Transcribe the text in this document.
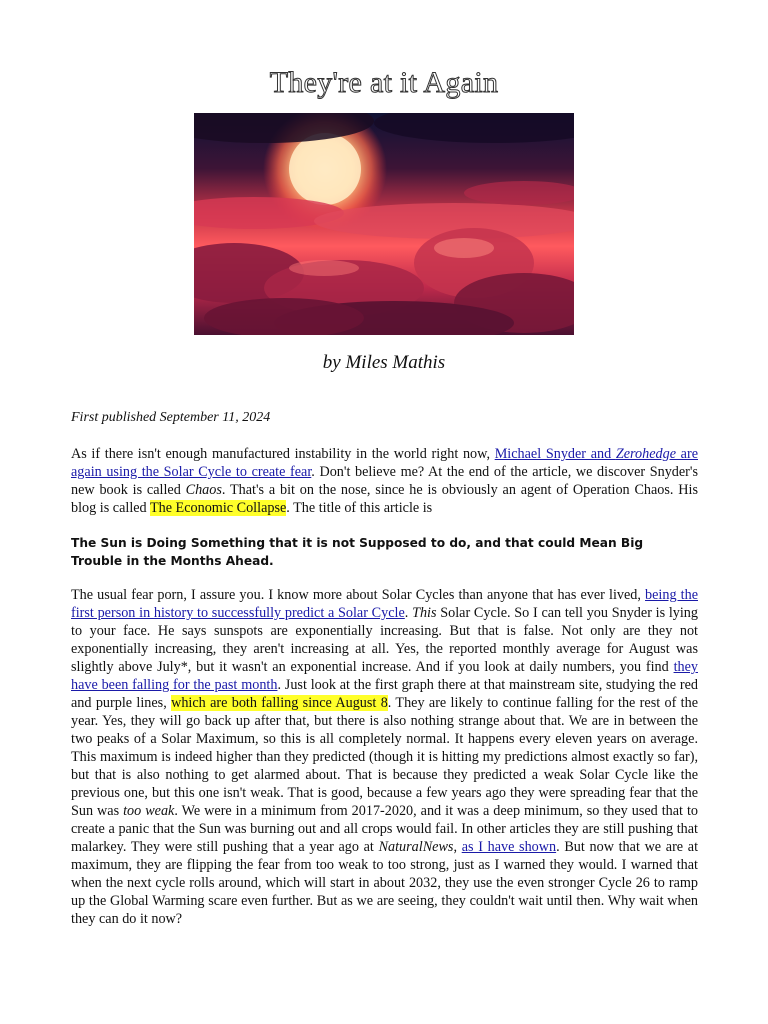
They're at it Again
by Miles Mathis
First published September 11, 2024
As if there isn't enough manufactured instability in the world right now, Michael Snyder and Zerohedge are again using the Solar Cycle to create fear. Don't believe me? At the end of the article, we discover Snyder's new book is called Chaos. That's a bit on the nose, since he is obviously an agent of Operation Chaos. His blog is called The Economic Collapse. The title of this article is
The Sun is Doing Something that it is not Supposed to do, and that could Mean Big Trouble in the Months Ahead.
The usual fear porn, I assure you. I know more about Solar Cycles than anyone that has ever lived, being the first person in history to successfully predict a Solar Cycle. This Solar Cycle. So I can tell you Snyder is lying to your face. He says sunspots are exponentially increasing. But that is false. Not only are they not exponentially increasing, they aren't increasing at all. Yes, the reported monthly average for August was slightly above July*, but it wasn't an exponential increase. And if you look at daily numbers, you find they have been falling for the past month. Just look at the first graph there at that mainstream site, studying the red and purple lines, which are both falling since August 8. They are likely to continue falling for the rest of the year. Yes, they will go back up after that, but there is also nothing strange about that. We are in between the two peaks of a Solar Maximum, so this is all completely normal. It happens every eleven years on average. This maximum is indeed higher than they predicted (though it is hitting my predictions almost exactly so far), but that is also nothing to get alarmed about. That is because they predicted a weak Solar Cycle like the previous one, but this one isn't weak. That is good, because a few years ago they were spreading fear that the Sun was too weak. We were in a minimum from 2017-2020, and it was a deep minimum, so they used that to create a panic that the Sun was burning out and all crops would fail. In other articles they are still pushing that malarkey. They were still pushing that a year ago at NaturalNews, as I have shown. But now that we are at maximum, they are flipping the fear from too weak to too strong, just as I warned they would. I warned that when the next cycle rolls around, which will start in about 2032, they use the even stronger Cycle 26 to ramp up the Global Warming scare even further. But as we are seeing, they couldn't wait until then. Why wait when they can do it now?
